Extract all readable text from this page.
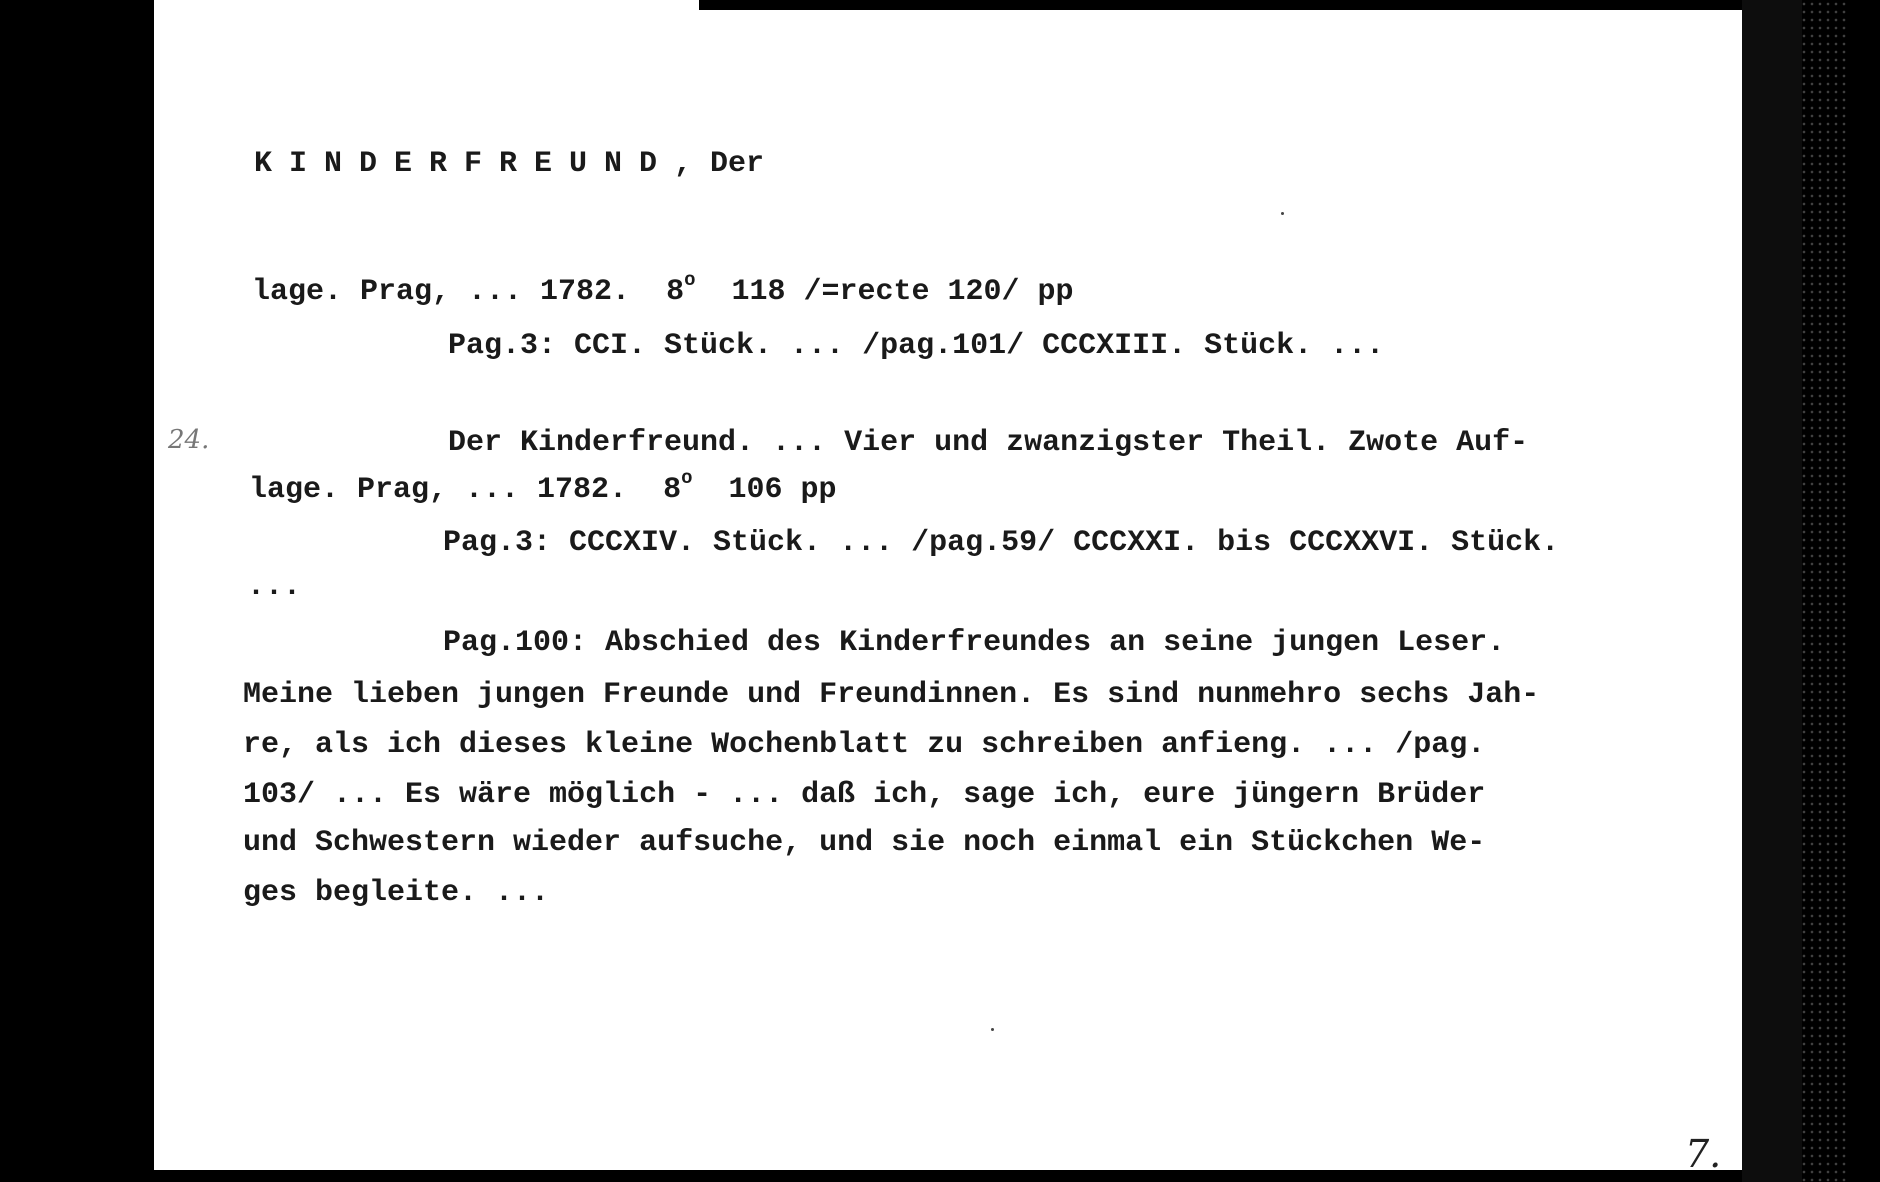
KINDERFREUND, Der
lage. Prag, ... 1782.  8$^o$  118 /=recte 120/ pp
Pag.3: CCI. Stück. ... /pag.101/ CCCXIII. Stück. ...
24.	Der Kinderfreund. ... Vier und zwanzigster Theil. Zwote Auf-
lage. Prag, ... 1782.  8$^o$  106 pp
Pag.3: CCCXIV. Stück. ... /pag.59/ CCCXXI. bis CCCXXVI. Stück.
...
Pag.100: Abschied des Kinderfreundes an seine jungen Leser.
Meine lieben jungen Freunde und Freundinnen. Es sind nunmehro sechs Jah-
re, als ich dieses kleine Wochenblatt zu schreiben anfieng. ... /pag.
103/ ... Es wäre möglich - ... daß ich, sage ich, eure jüngern Brüder
und Schwestern wieder aufsuche, und sie noch einmal ein Stückchen We-
ges begleite. ...
7.
